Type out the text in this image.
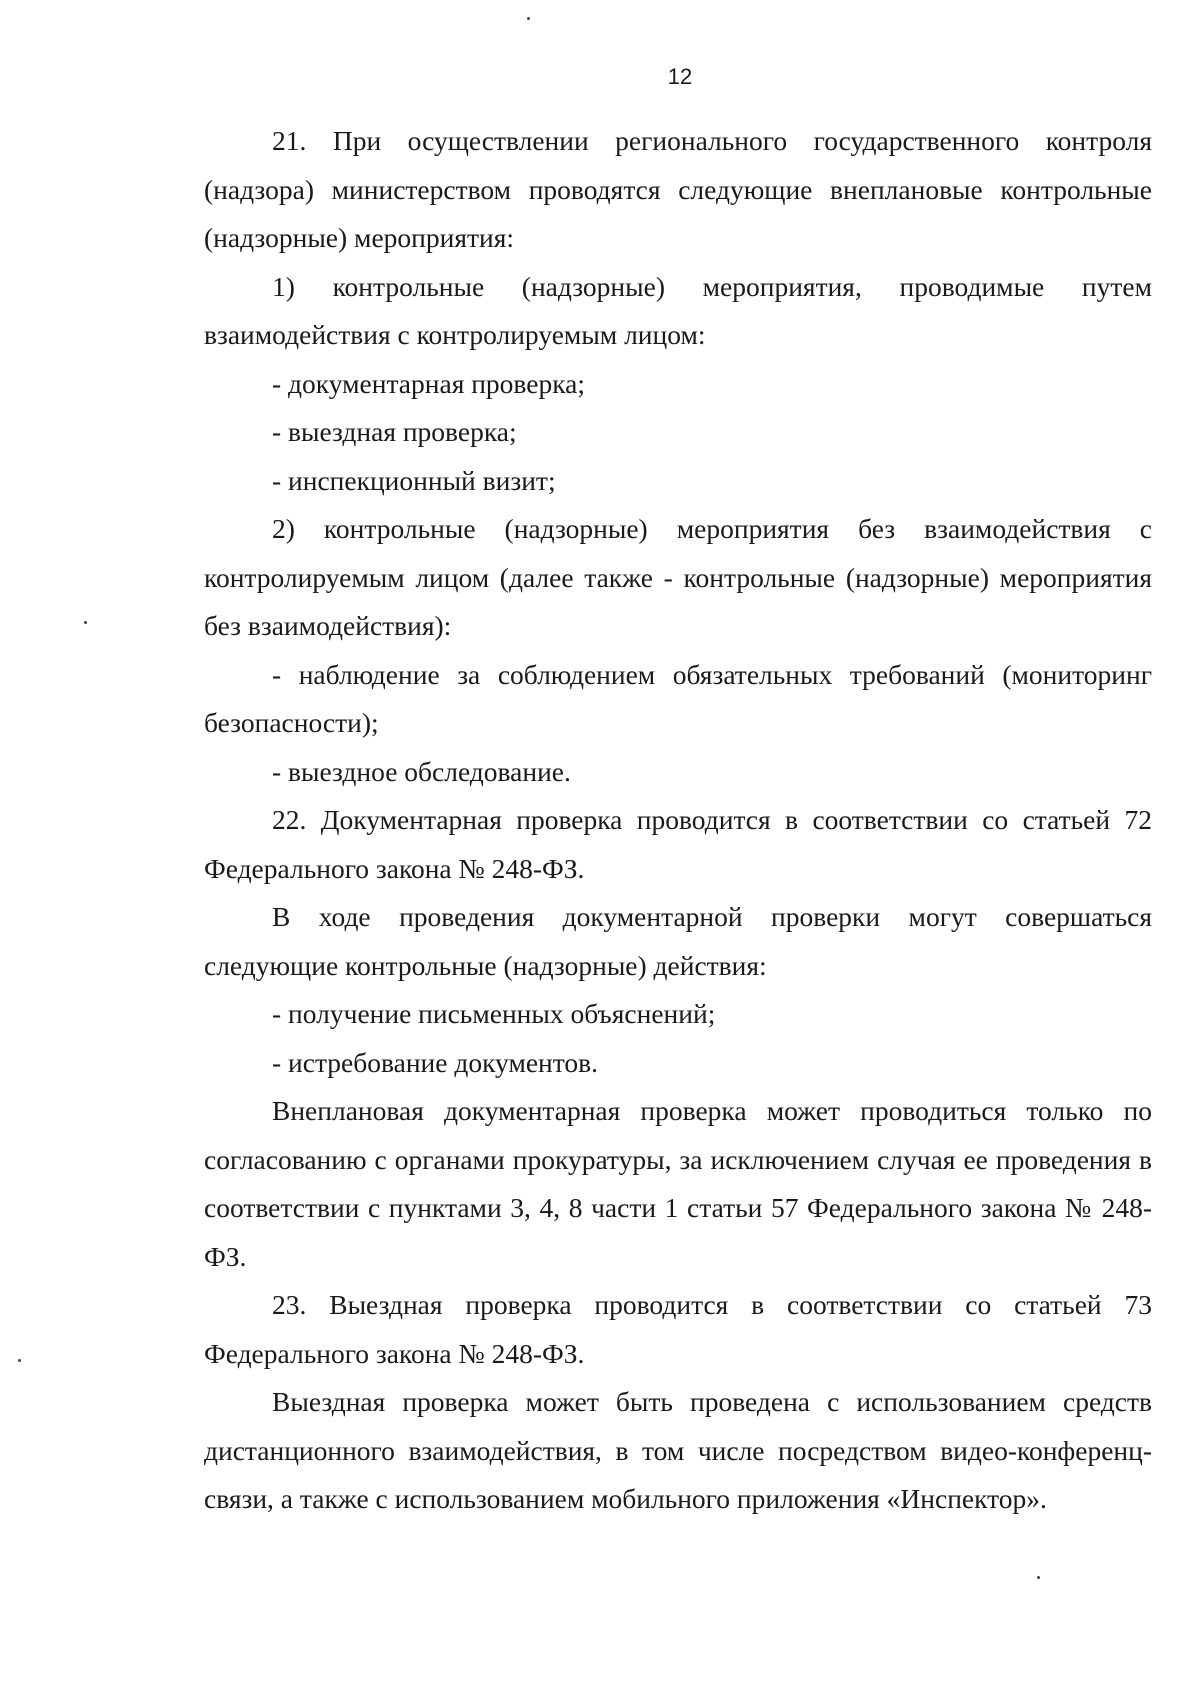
12

21. При осуществлении регионального государственного контроля (надзора) министерством проводятся следующие внеплановые контрольные (надзорные) мероприятия:

1) контрольные (надзорные) мероприятия, проводимые путем взаимодействия с контролируемым лицом:

- документарная проверка;

- выездная проверка;

- инспекционный визит;

2) контрольные (надзорные) мероприятия без взаимодействия с контролируемым лицом (далее также - контрольные (надзорные) мероприятия без взаимодействия):

- наблюдение за соблюдением обязательных требований (мониторинг безопасности);

- выездное обследование.

22. Документарная проверка проводится в соответствии со статьей 72 Федерального закона № 248-ФЗ.

В ходе проведения документарной проверки могут совершаться следующие контрольные (надзорные) действия:

- получение письменных объяснений;

- истребование документов.

Внеплановая документарная проверка может проводиться только по согласованию с органами прокуратуры, за исключением случая ее проведения в соответствии с пунктами 3, 4, 8 части 1 статьи 57 Федерального закона № 248-ФЗ.

23. Выездная проверка проводится в соответствии со статьей 73 Федерального закона № 248-ФЗ.

Выездная проверка может быть проведена с использованием средств дистанционного взаимодействия, в том числе посредством видео-конференц-связи, а также с использованием мобильного приложения «Инспектор».
